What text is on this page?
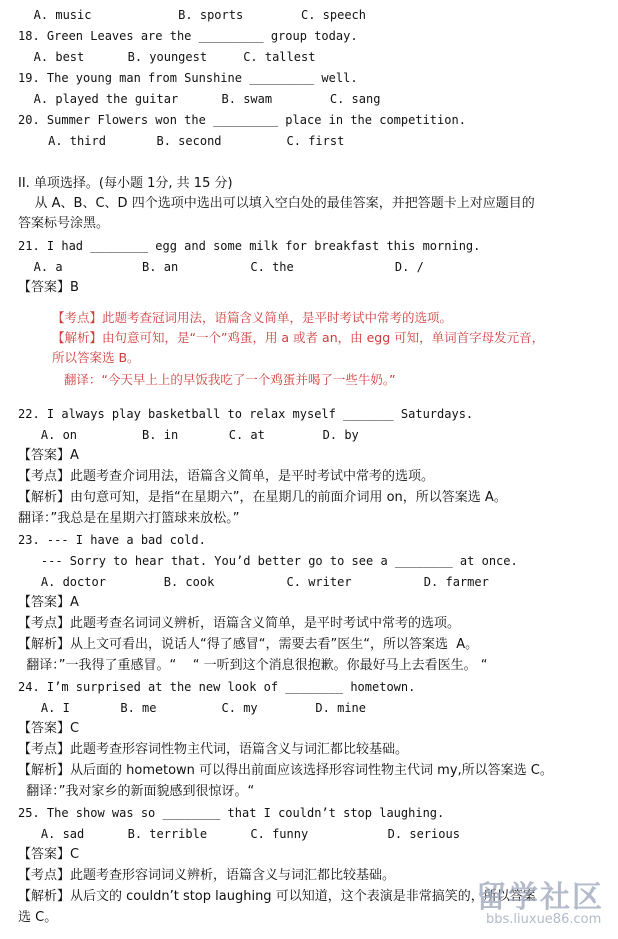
A. music            B. sports        C. speech
18. Green Leaves are the _________ group today.
A. best      B. youngest     C. tallest
19. The young man from Sunshine _________ well.
A. played the guitar      B. swam        C. sang
20. Summer Flowers won the _________ place in the competition.
A. third       B. second         C. first
II. 单项选择。(每小题 1分, 共 15 分)
从 A、B、C、D 四个选项中选出可以填入空白处的最佳答案，并把答题卡上对应题目的
答案标号涂黑。
21. I had ________ egg and some milk for breakfast this morning.
A. a           B. an          C. the              D. /
【答案】B
【考点】此题考查冠词用法，语篇含义简单，是平时考试中常考的选项。
【解析】由句意可知，是“一个”鸡蛋，用 a 或者 an，由 egg 可知，单词首字母发元音，
所以答案选 B。
翻译：“今天早上上的早饭我吃了一个鸡蛋并喝了一些牛奶。”
22. I always play basketball to relax myself _______ Saturdays.
A. on         B. in       C. at        D. by
【答案】A
【考点】此题考查介词用法，语篇含义简单，是平时考试中常考的选项。
【解析】由句意可知，是指“在星期六”，在星期几的前面介词用 on，所以答案选 A。
翻译：”我总是在星期六打篮球来放松。”
23. --- I have a bad cold.
--- Sorry to hear that. You’d better go to see a ________ at once.
A. doctor        B. cook          C. writer          D. farmer
【答案】A
【考点】此题考查名词词义辨析，语篇含义简单，是平时考试中常考的选项。
【解析】从上文可看出，说话人“得了感冒“，需要去看”医生“，所以答案选  A。
翻译：”一我得了重感冒。“    “ 一听到这个消息很抱歉。你最好马上去看医生。 “
24. I’m surprised at the new look of ________ hometown.
A. I       B. me         C. my        D. mine
【答案】C
【考点】此题考查形容词性物主代词，语篇含义与词汇都比较基础。
【解析】从后面的 hometown 可以得出前面应该选择形容词性物主代词 my,所以答案选 C。
翻译：”我对家乡的新面貌感到很惊讶。“
25. The show was so ________ that I couldn’t stop laughing.
A. sad      B. terrible      C. funny           D. serious
【答案】C
【考点】此题考查形容词词义辨析，语篇含义与词汇都比较基础。
【解析】从后文的 couldn’t stop laughing 可以知道，这个表演是非常搞笑的，所以答案
选 C。
留学社区
bbs.liuxue86.com
